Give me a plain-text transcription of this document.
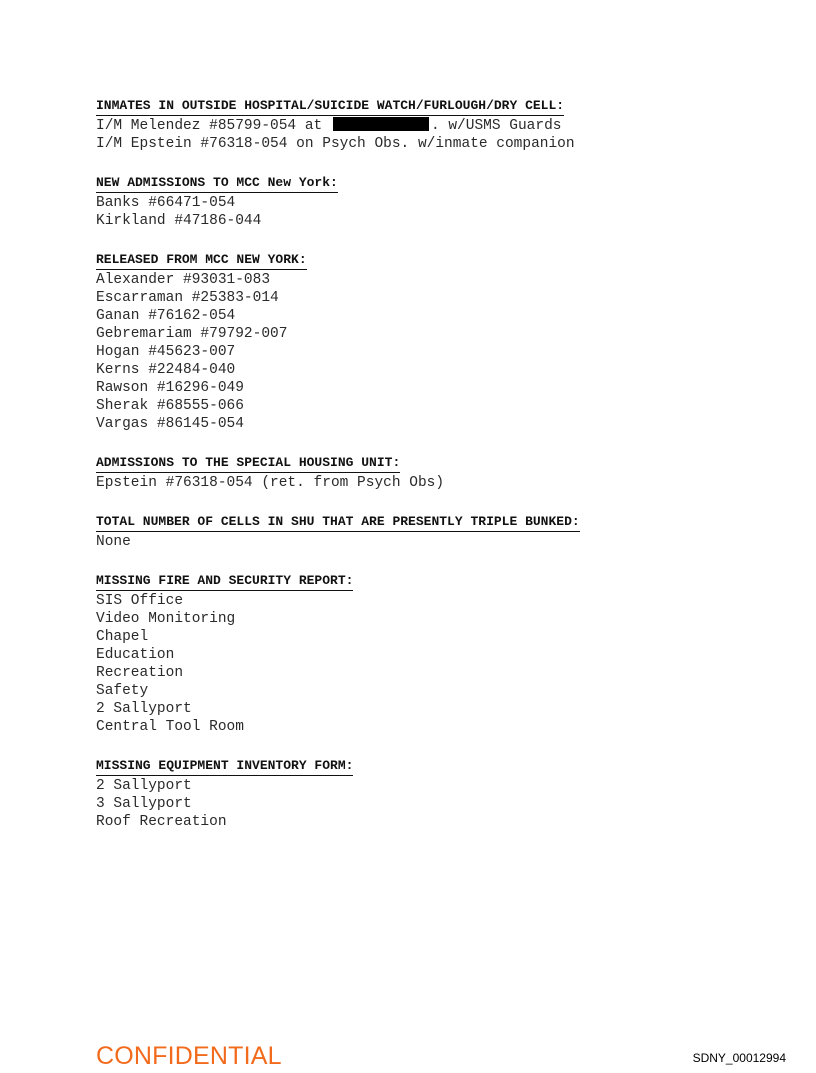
INMATES IN OUTSIDE HOSPITAL/SUICIDE WATCH/FURLOUGH/DRY CELL:
I/M Melendez #85799-054 at	. w/USMS Guards
I/M Epstein #76318-054 on Psych Obs. w/inmate companion
NEW ADMISSIONS TO MCC New York:
Banks #66471-054
Kirkland #47186-044
RELEASED FROM MCC NEW YORK:
Alexander #93031-083
Escarraman #25383-014
Ganan #76162-054
Gebremariam #79792-007
Hogan #45623-007
Kerns #22484-040
Rawson #16296-049
Sherak #68555-066
Vargas #86145-054
ADMISSIONS TO THE SPECIAL HOUSING UNIT:
Epstein #76318-054 (ret. from Psych Obs)
TOTAL NUMBER OF CELLS IN SHU THAT ARE PRESENTLY TRIPLE BUNKED:
None
MISSING FIRE AND SECURITY REPORT:
SIS Office
Video Monitoring
Chapel
Education
Recreation
Safety
2 Sallyport
Central Tool Room
MISSING EQUIPMENT INVENTORY FORM:
2 Sallyport
3 Sallyport
Roof Recreation
CONFIDENTIAL	SDNY_00012994
